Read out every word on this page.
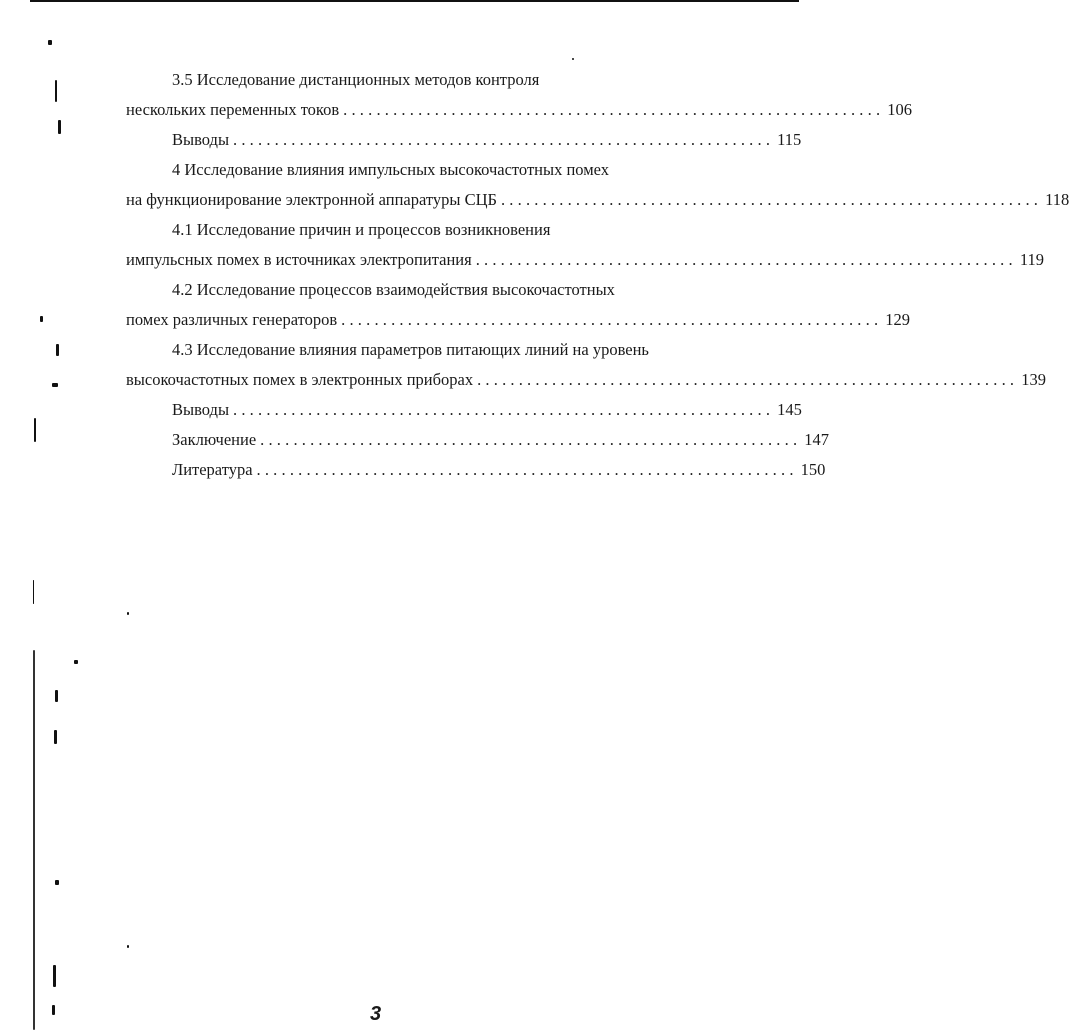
3.5 Исследование дистанционных методов контроля
нескольких переменных токов ................................................................. 106
Выводы ................................................................. 115
4 Исследование влияния импульсных высокочастотных помех
на функционирование электронной аппаратуры СЦБ ................................................................. 118
4.1 Исследование причин и процессов возникновения
импульсных помех в источниках электропитания ................................................................. 119
4.2 Исследование процессов взаимодействия высокочастотных
помех различных генераторов ................................................................. 129
4.3 Исследование влияния параметров питающих линий на уровень
высокочастотных помех в электронных приборах ................................................................. 139
Выводы ................................................................. 145
Заключение ................................................................. 147
Литература ................................................................. 150
3
